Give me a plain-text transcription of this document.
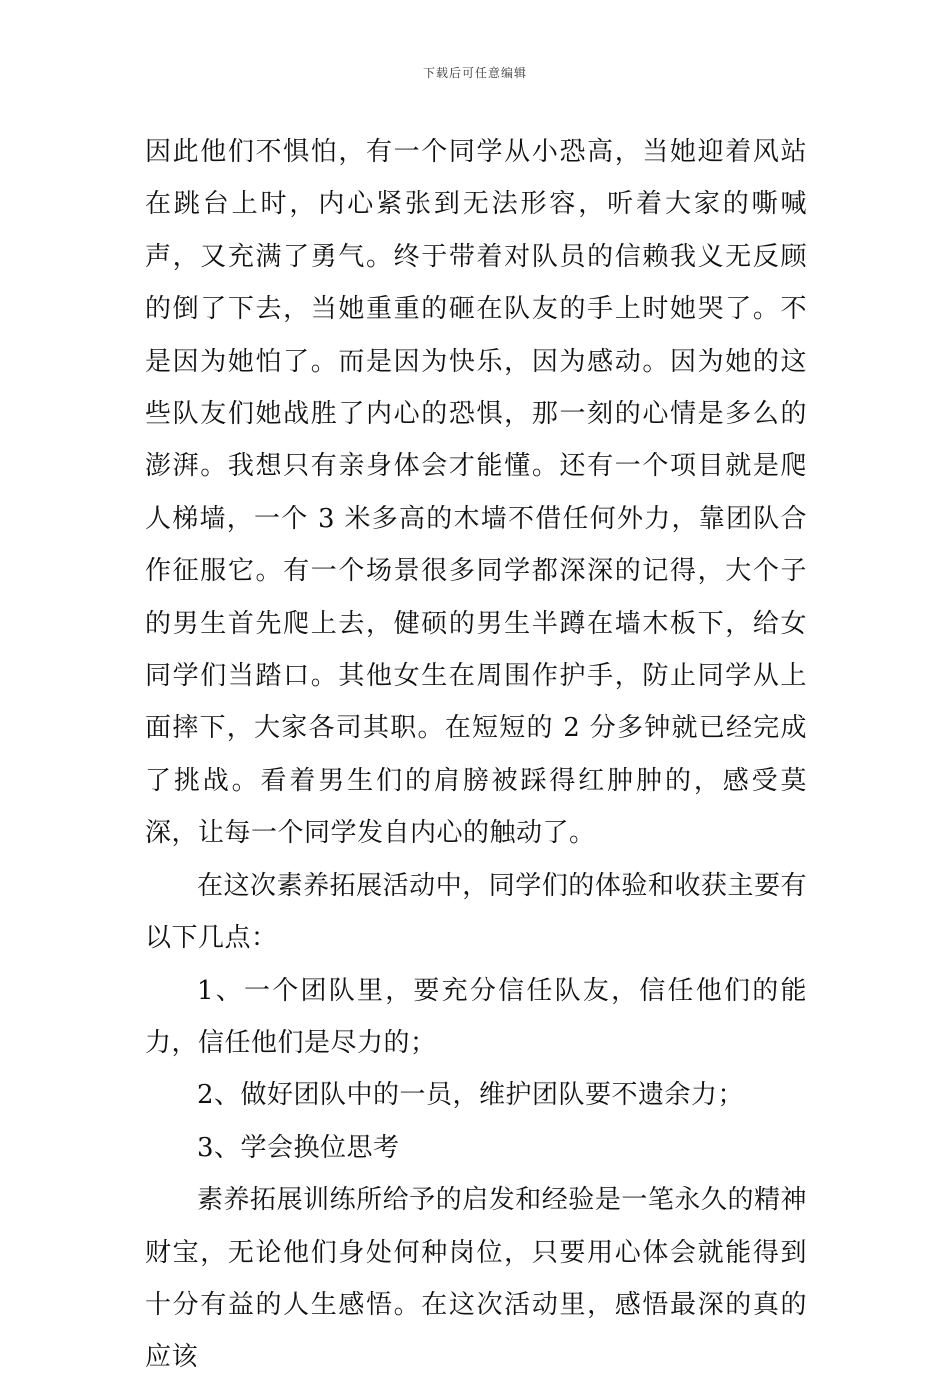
下载后可任意编辑

因此他们不惧怕，有一个同学从小恐高，当她迎着风站在跳台上时，内心紧张到无法形容，听着大家的嘶喊声，又充满了勇气。终于带着对队员的信赖我义无反顾的倒了下去，当她重重的砸在队友的手上时她哭了。不是因为她怕了。而是因为快乐，因为感动。因为她的这些队友们她战胜了内心的恐惧，那一刻的心情是多么的澎湃。我想只有亲身体会才能懂。还有一个项目就是爬人梯墙，一个 3 米多高的木墙不借任何外力，靠团队合作征服它。有一个场景很多同学都深深的记得，大个子的男生首先爬上去，健硕的男生半蹲在墙木板下，给女同学们当踏口。其他女生在周围作护手，防止同学从上面摔下，大家各司其职。在短短的 2 分多钟就已经完成了挑战。看着男生们的肩膀被踩得红肿肿的，感受莫深，让每一个同学发自内心的触动了。

在这次素养拓展活动中，同学们的体验和收获主要有以下几点：

1、一个团队里，要充分信任队友，信任他们的能力，信任他们是尽力的；

2、做好团队中的一员，维护团队要不遗余力；

3、学会换位思考

素养拓展训练所给予的启发和经验是一笔永久的精神财宝，无论他们身处何种岗位，只要用心体会就能得到十分有益的人生感悟。在这次活动里，感悟最深的真的应该
